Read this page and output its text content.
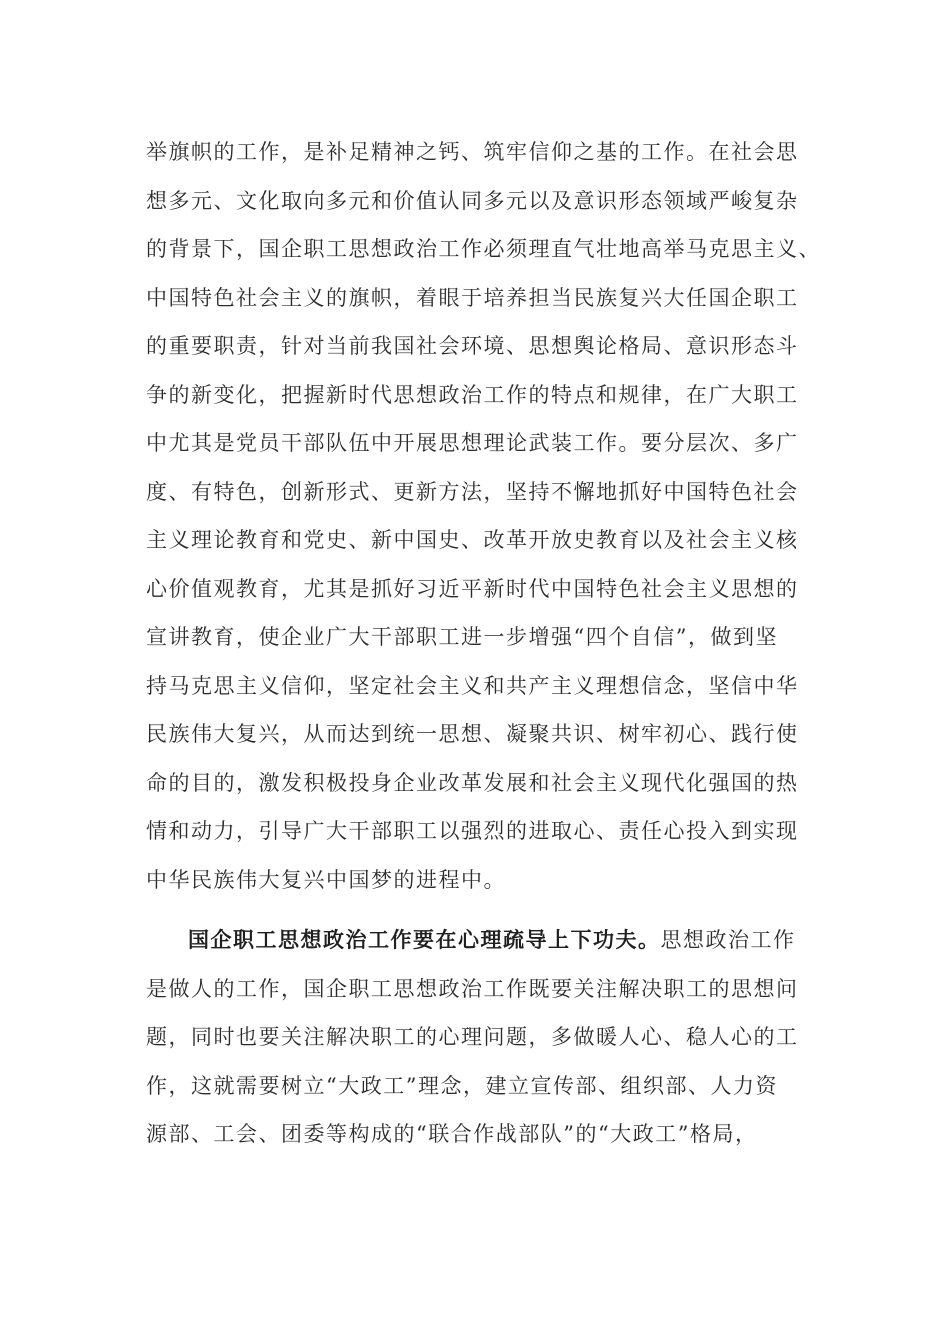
举旗帜的工作，是补足精神之钙、筑牢信仰之基的工作。在社会思
想多元、文化取向多元和价值认同多元以及意识形态领域严峻复杂
的背景下，国企职工思想政治工作必须理直气壮地高举马克思主义、
中国特色社会主义的旗帜，着眼于培养担当民族复兴大任国企职工
的重要职责，针对当前我国社会环境、思想舆论格局、意识形态斗
争的新变化，把握新时代思想政治工作的特点和规律，在广大职工
中尤其是党员干部队伍中开展思想理论武装工作。要分层次、多广
度、有特色，创新形式、更新方法，坚持不懈地抓好中国特色社会
主义理论教育和党史、新中国史、改革开放史教育以及社会主义核
心价值观教育，尤其是抓好习近平新时代中国特色社会主义思想的
宣讲教育，使企业广大干部职工进一步增强“四个自信”，做到坚
持马克思主义信仰，坚定社会主义和共产主义理想信念，坚信中华
民族伟大复兴，从而达到统一思想、凝聚共识、树牢初心、践行使
命的目的，激发积极投身企业改革发展和社会主义现代化强国的热
情和动力，引导广大干部职工以强烈的进取心、责任心投入到实现
中华民族伟大复兴中国梦的进程中。
国企职工思想政治工作要在心理疏导上下功夫。思想政治工作
是做人的工作，国企职工思想政治工作既要关注解决职工的思想问
题，同时也要关注解决职工的心理问题，多做暖人心、稳人心的工
作，这就需要树立“大政工”理念，建立宣传部、组织部、人力资
源部、工会、团委等构成的“联合作战部队”的“大政工”格局，
